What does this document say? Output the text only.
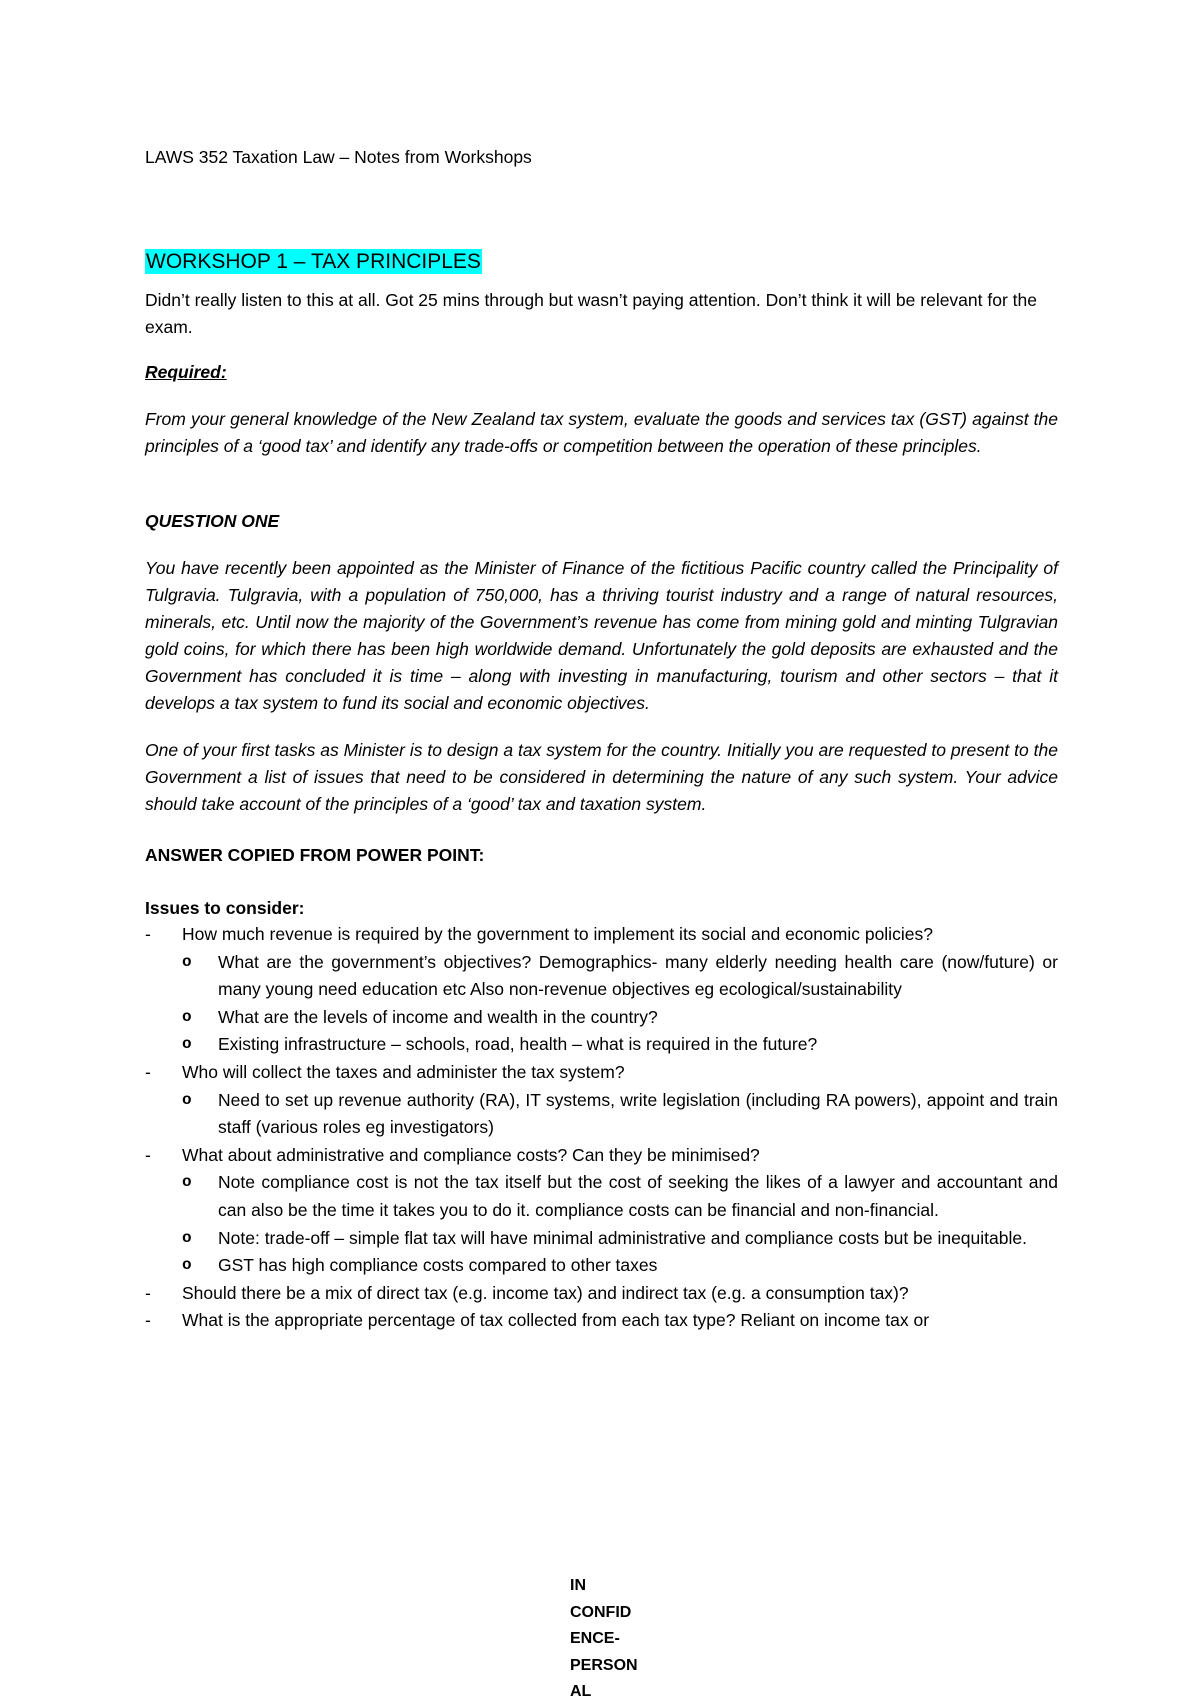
LAWS 352 Taxation Law – Notes from Workshops

WORKSHOP 1 – TAX PRINCIPLES

Didn’t really listen to this at all. Got 25 mins through but wasn’t paying attention. Don’t think it will be relevant for the exam.

Required:

From your general knowledge of the New Zealand tax system, evaluate the goods and services tax (GST) against the principles of a ‘good tax’ and identify any trade-offs or competition between the operation of these principles.

QUESTION ONE

You have recently been appointed as the Minister of Finance of the fictitious Pacific country called the Principality of Tulgravia. Tulgravia, with a population of 750,000, has a thriving tourist industry and a range of natural resources, minerals, etc. Until now the majority of the Government’s revenue has come from mining gold and minting Tulgravian gold coins, for which there has been high worldwide demand. Unfortunately the gold deposits are exhausted and the Government has concluded it is time – along with investing in manufacturing, tourism and other sectors – that it develops a tax system to fund its social and economic objectives.

One of your first tasks as Minister is to design a tax system for the country. Initially you are requested to present to the Government a list of issues that need to be considered in determining the nature of any such system. Your advice should take account of the principles of a ‘good’ tax and taxation system.

ANSWER COPIED FROM POWER POINT:

Issues to consider:

- How much revenue is required by the government to implement its social and economic policies?
o What are the government’s objectives? Demographics- many elderly needing health care (now/future) or many young need education etc Also non-revenue objectives eg ecological/sustainability
o What are the levels of income and wealth in the country?
o Existing infrastructure – schools, road, health – what is required in the future?
- Who will collect the taxes and administer the tax system?
o Need to set up revenue authority (RA), IT systems, write legislation (including RA powers), appoint and train staff (various roles eg investigators)
- What about administrative and compliance costs? Can they be minimised?
o Note compliance cost is not the tax itself but the cost of seeking the likes of a lawyer and accountant and can also be the time it takes you to do it. compliance costs can be financial and non-financial.
o Note: trade-off – simple flat tax will have minimal administrative and compliance costs but be inequitable.
o GST has high compliance costs compared to other taxes
- Should there be a mix of direct tax (e.g. income tax) and indirect tax (e.g. a consumption tax)?
- What is the appropriate percentage of tax collected from each tax type? Reliant on income tax or
IN
CONFID
ENCE-
PERSON
AL
